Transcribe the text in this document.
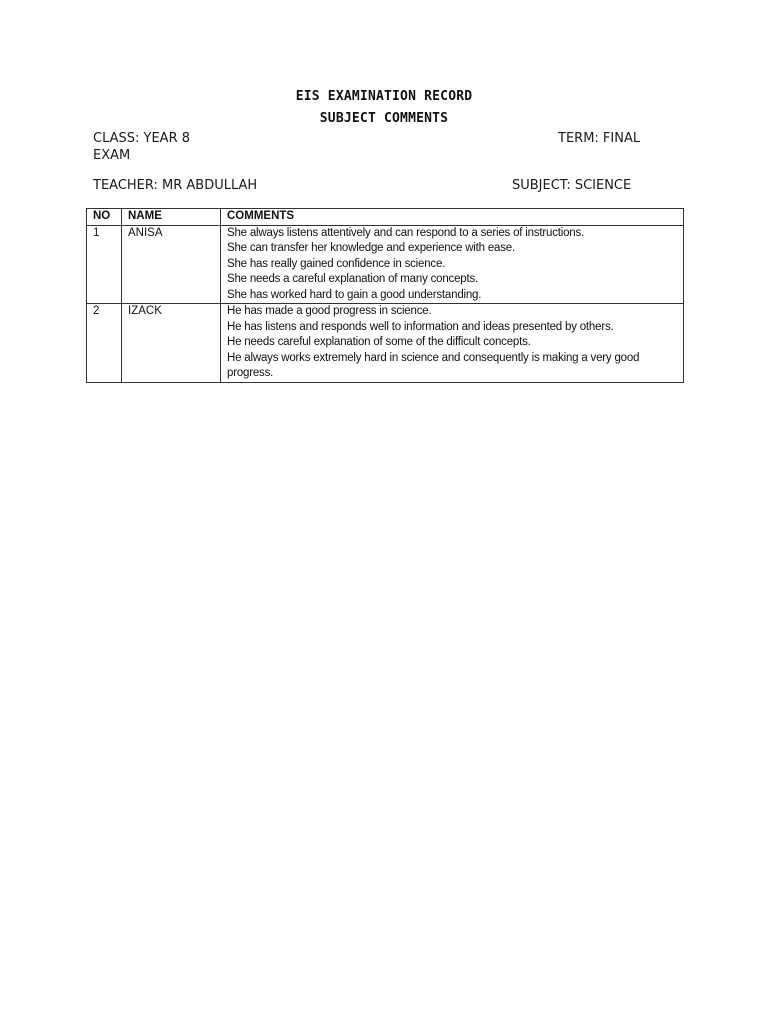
EIS EXAMINATION RECORD
SUBJECT COMMENTS
CLASS: YEAR 8	TERM: FINAL
EXAM
TEACHER: MR ABDULLAH	SUBJECT: SCIENCE
NO	NAME	COMMENTS
1	ANISA	She always listens attentively and can respond to a series of instructions.
She can transfer her knowledge and experience with ease.
She has really gained confidence in science.
She needs a careful explanation of many concepts.
She has worked hard to gain a good understanding.

2	IZACK	He has made a good progress in science.
He has listens and responds well to information and ideas presented by others.
He needs careful explanation of some of the difficult concepts.
He always works extremely hard in science and consequently is making a very good
progress.
